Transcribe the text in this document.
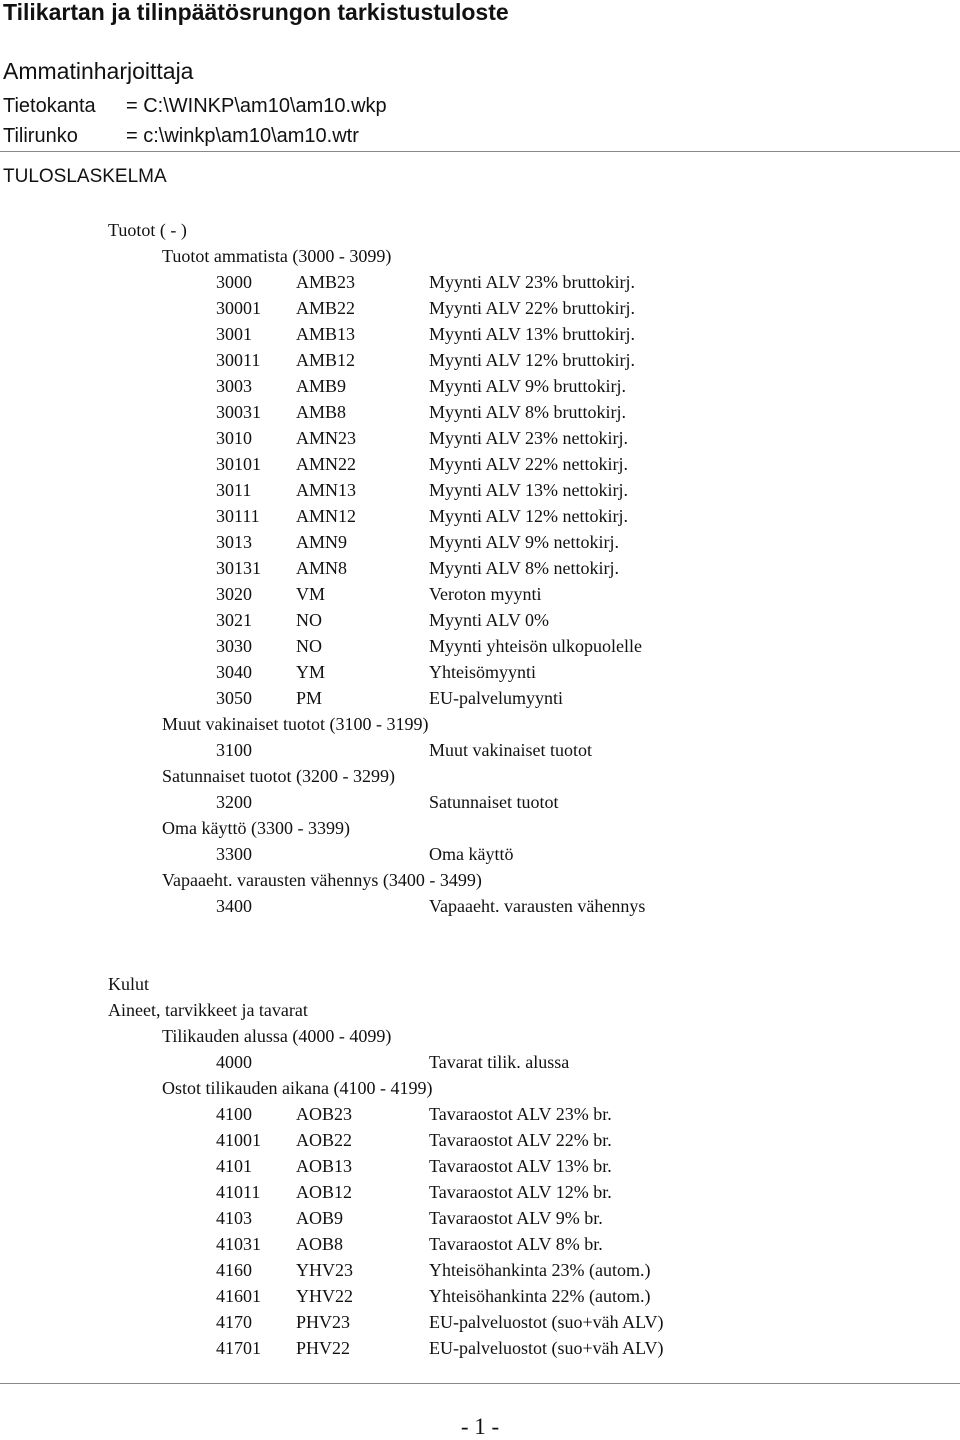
Tilikartan ja tilinpäätösrungon tarkistustuloste
Ammatinharjoittaja
Tietokanta = C:\WINKP\am10\am10.wkp
Tilirunko = c:\winkp\am10\am10.wtr
TULOSLASKELMA
Tuotot ( - )
Tuotot ammatista (3000 - 3099)
Muut vakinaiset tuotot (3100 - 3199)
Satunnaiset tuotot (3200 - 3299)
Oma käyttö (3300 - 3399)
Vapaaeht. varausten vähennys (3400 - 3499)
Kulut
Aineet, tarvikkeet ja tavarat
Tilikauden alussa (4000 - 4099)
Ostot tilikauden aikana (4100 - 4199)
- 1 -
3000 AMB23	Myynti ALV 23% bruttokirj.
30001 AMB22	Myynti ALV 22% bruttokirj.
3001 AMB13	Myynti ALV 13% bruttokirj.
30011 AMB12	Myynti ALV 12% bruttokirj.
3003 AMB9	Myynti ALV 9% bruttokirj.
30031 AMB8	Myynti ALV 8% bruttokirj.
3010 AMN23	Myynti ALV 23% nettokirj.
30101 AMN22	Myynti ALV 22% nettokirj.
3011 AMN13	Myynti ALV 13% nettokirj.
30111 AMN12	Myynti ALV 12% nettokirj.
3013 AMN9	Myynti ALV 9% nettokirj.
30131 AMN8	Myynti ALV 8% nettokirj.
3020 VM	Veroton myynti
3021 NO	Myynti ALV 0%
3030 NO	Myynti yhteisön ulkopuolelle
3040 YM	Yhteisömyynti
3050 PM	EU-palvelumyynti
3100	Muut vakinaiset tuotot
3200	Satunnaiset tuotot
3300	Oma käyttö
3400	Vapaaeht. varausten vähennys
4000	Tavarat tilik. alussa
4100 AOB23	Tavaraostot ALV 23% br.
41001 AOB22	Tavaraostot ALV 22% br.
4101 AOB13	Tavaraostot ALV 13% br.
41011 AOB12	Tavaraostot ALV 12% br.
4103 AOB9	Tavaraostot ALV 9% br.
41031 AOB8	Tavaraostot ALV 8% br.
4160 YHV23	Yhteisöhankinta 23% (autom.)
41601 YHV22	Yhteisöhankinta 22% (autom.)
4170 PHV23	EU-palveluostot (suo+väh ALV)
41701 PHV22	EU-palveluostot (suo+väh ALV)
